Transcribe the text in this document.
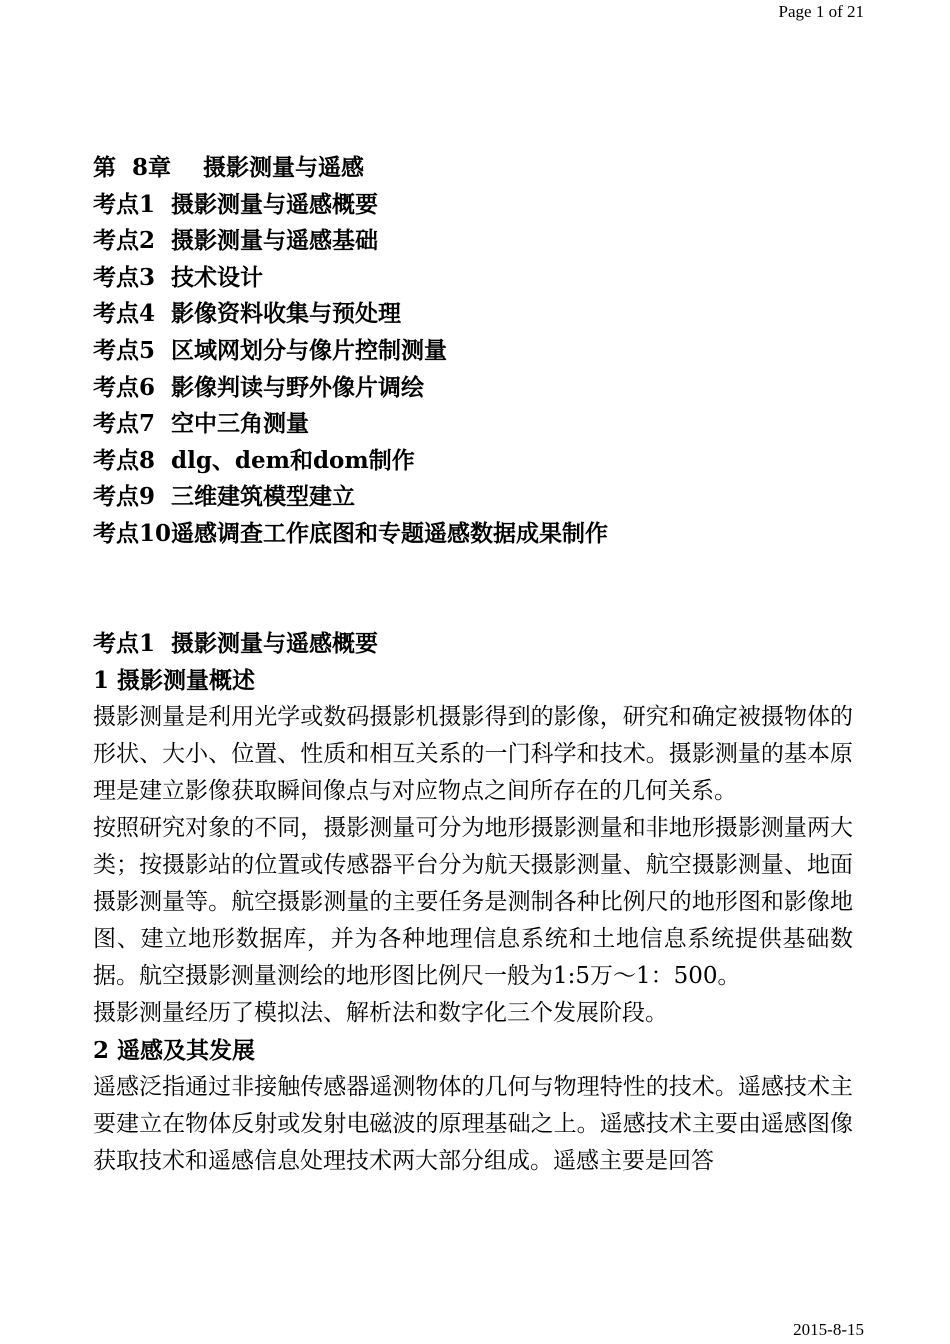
Page 1 of 21
第  8章    摄影测量与遥感
考点1 摄影测量与遥感概要
考点2 摄影测量与遥感基础
考点3 技术设计
考点4 影像资料收集与预处理
考点5 区域网划分与像片控制测量
考点6 影像判读与野外像片调绘
考点7 空中三角测量
考点8 dlg、dem和dom制作
考点9 三维建筑模型建立
考点10遥感调查工作底图和专题遥感数据成果制作
考点1 摄影测量与遥感概要
1 摄影测量概述

摄影测量是利用光学或数码摄影机摄影得到的影像，研究和确定被摄物体的形状、大小、位置、性质和相互关系的一门科学和技术。摄影测量的基本原理是建立影像获取瞬间像点与对应物点之间所存在的几何关系。

按照研究对象的不同，摄影测量可分为地形摄影测量和非地形摄影测量两大类；按摄影站的位置或传感器平台分为航天摄影测量、航空摄影测量、地面摄影测量等。航空摄影测量的主要任务是测制各种比例尺的地形图和影像地图、建立地形数据库，并为各种地理信息系统和土地信息系统提供基础数据。航空摄影测量测绘的地形图比例尺一般为1:5万～1：500。

摄影测量经历了模拟法、解析法和数字化三个发展阶段。

2 遥感及其发展

遥感泛指通过非接触传感器遥测物体的几何与物理特性的技术。遥感技术主要建立在物体反射或发射电磁波的原理基础之上。遥感技术主要由遥感图像获取技术和遥感信息处理技术两大部分组成。遥感主要是回答

2015-8-15
